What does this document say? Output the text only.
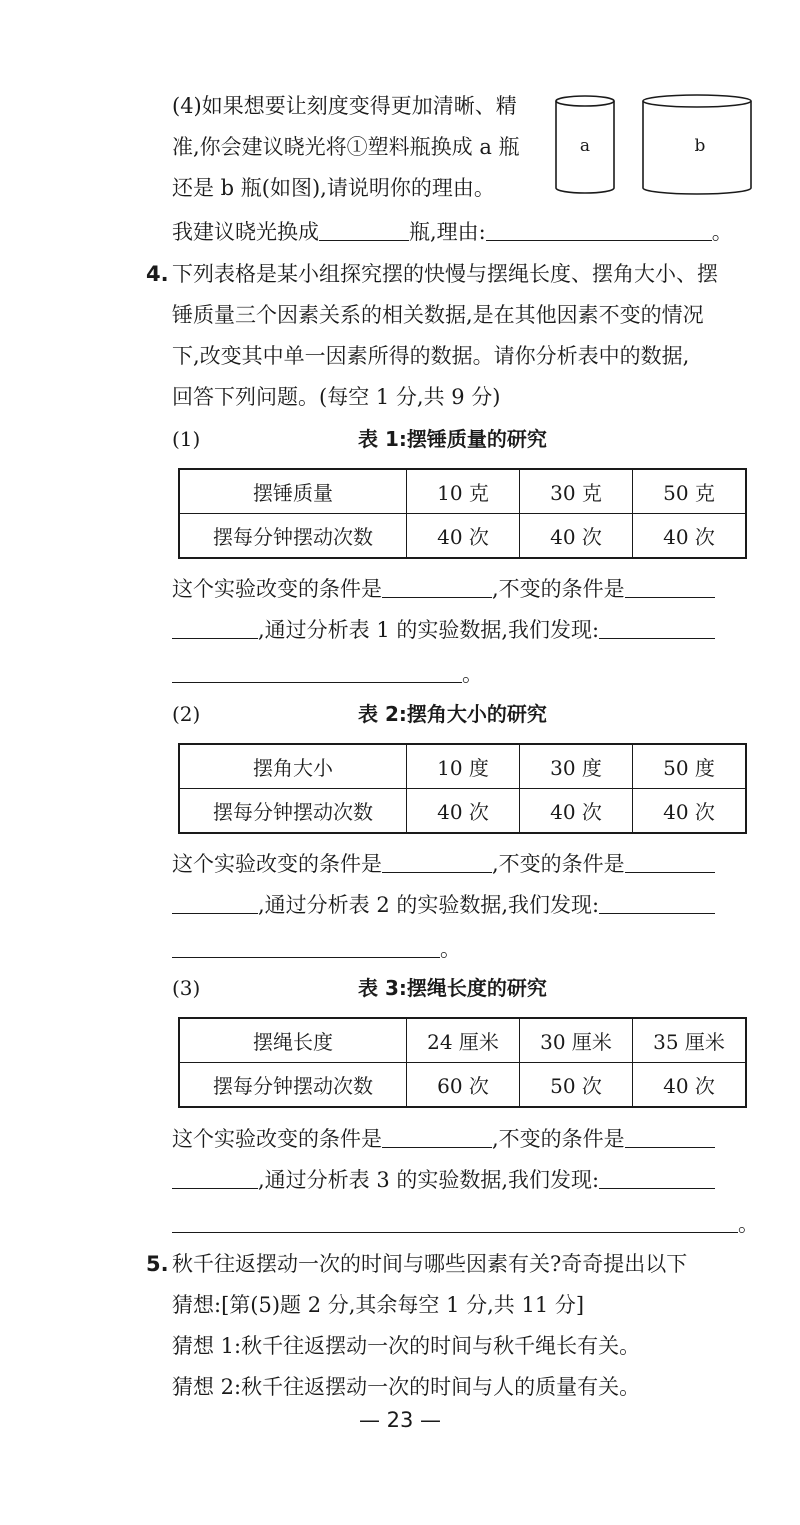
(4)如果想要让刻度变得更加清晰、精
准,你会建议晓光将①塑料瓶换成 a 瓶
还是 b 瓶(如图),请说明你的理由。
a	b
我建议晓光换成	瓶,理由:	。
4. 下列表格是某小组探究摆的快慢与摆绳长度、摆角大小、摆
锤质量三个因素关系的相关数据,是在其他因素不变的情况
下,改变其中单一因素所得的数据。请你分析表中的数据,
回答下列问题。(每空 1 分,共 9 分)
(1)	表 1:摆锤质量的研究
摆锤质量	10 克	30 克	50 克
摆每分钟摆动次数	40 次	40 次	40 次
这个实验改变的条件是	,不变的条件是
,通过分析表 1 的实验数据,我们发现:
。
(2)	表 2:摆角大小的研究
摆角大小	10 度	30 度	50 度
摆每分钟摆动次数	40 次	40 次	40 次
这个实验改变的条件是	,不变的条件是
,通过分析表 2 的实验数据,我们发现:
。
(3)	表 3:摆绳长度的研究
摆绳长度	24 厘米	30 厘米	35 厘米
摆每分钟摆动次数	60 次	50 次	40 次
这个实验改变的条件是	,不变的条件是
,通过分析表 3 的实验数据,我们发现:
。
5. 秋千往返摆动一次的时间与哪些因素有关?奇奇提出以下
猜想:[第(5)题 2 分,其余每空 1 分,共 11 分]
猜想 1:秋千往返摆动一次的时间与秋千绳长有关。
猜想 2:秋千往返摆动一次的时间与人的质量有关。
— 23 —
